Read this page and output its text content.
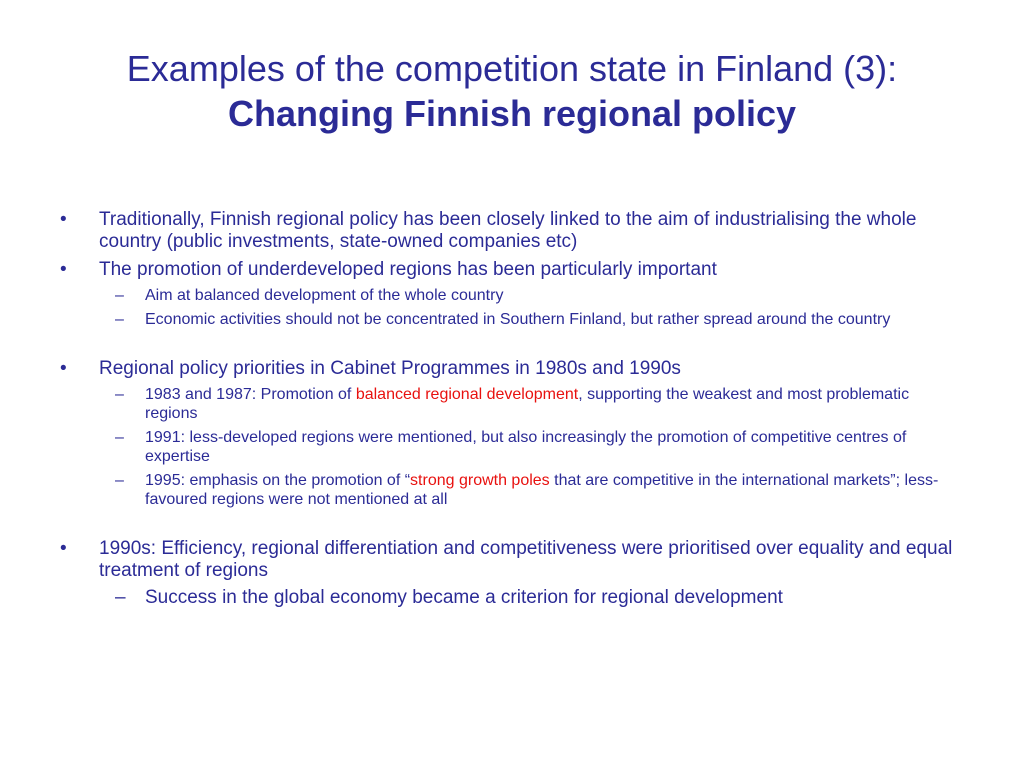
Examples of the competition state in Finland (3):
Changing Finnish regional policy

• Traditionally, Finnish regional policy has been closely linked to the aim of industrialising the whole country (public investments, state-owned companies etc)

• The promotion of underdeveloped regions has been particularly important

– Aim at balanced development of the whole country

– Economic activities should not be concentrated in Southern Finland, but rather spread around the country

• Regional policy priorities in Cabinet Programmes in 1980s and 1990s

– 1983 and 1987: Promotion of balanced regional development, supporting the weakest and most problematic regions

– 1991: less-developed regions were mentioned, but also increasingly the promotion of competitive centres of expertise

– 1995: emphasis on the promotion of “strong growth poles that are competitive in the international markets”; less-favoured regions were not mentioned at all

• 1990s: Efficiency, regional differentiation and competitiveness were prioritised over equality and equal treatment of regions

– Success in the global economy became a criterion for regional development
